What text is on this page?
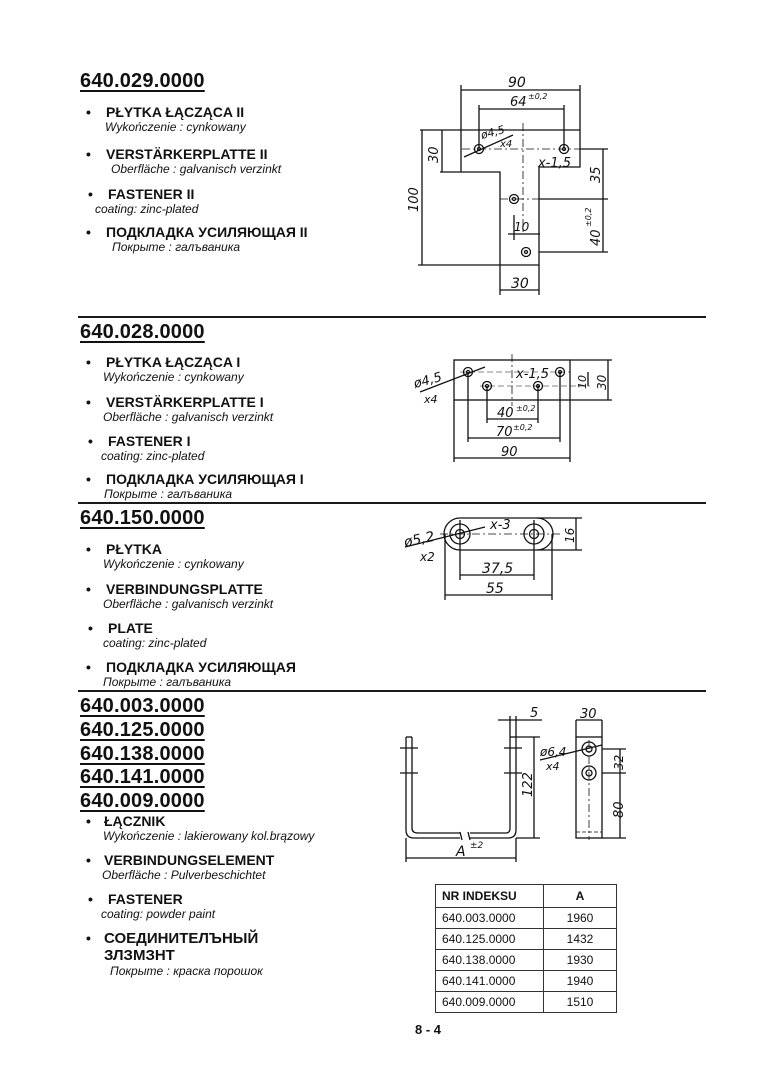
640.029.0000
• PŁYTKA ŁĄCZĄCA II
Wykończenie : cynkowany
• VERSTÄRKERPLATTE II
Oberfläche : galvanisch verzinkt
• FASTENER II
coating: zinc-plated
• ПОДКЛАДКА УСИЛЯЮЩАЯ II
Покрыте : галъваника
90
64 ±0,2
ø4,5
x4
x-1,5
30
100
35
40
±0,2
10
30
640.028.0000
• PŁYTKA ŁĄCZĄCA I
Wykończenie : cynkowany
• VERSTÄRKERPLATTE I
Oberfläche : galvanisch verzinkt
• FASTENER I
coating: zinc-plated
• ПОДКЛАДКА УСИЛЯЮЩАЯ I
Покрыте : галъваника
ø4,5
x4
x-1,5 10 30
40 ±0,2
70 ±0,2
90
640.150.0000
• PŁYTKA
Wykończenie : cynkowany
• VERBINDUNGSPLATTE
Oberfläche : galvanisch verzinkt
• PLATE
coating: zinc-plated
• ПОДКЛАДКА УСИЛЯЮЩАЯ
Покрыте : галъваника
ø5,2
x2
x-3
16
37,5
55
640.003.0000
640.125.0000
640.138.0000
640.141.0000
640.009.0000
• ŁĄCZNIK
Wykończenie : lakierowany kol.brązowy
• VERBINDUNGSELEMENT
Oberfläche : Pulverbeschichtet
• FASTENER
coating: powder paint
• СОЕДИНИТЕЛЪНЫЙ
ЗЛЗМЗНТ
Покрыте : краска порошок
5	30
ø6,4
x4	32
122
80
A ±2
NR INDEKSU	A
640.003.0000	1960
640.125.0000	1432
640.138.0000	1930
640.141.0000	1940
640.009.0000	1510
8 - 4
